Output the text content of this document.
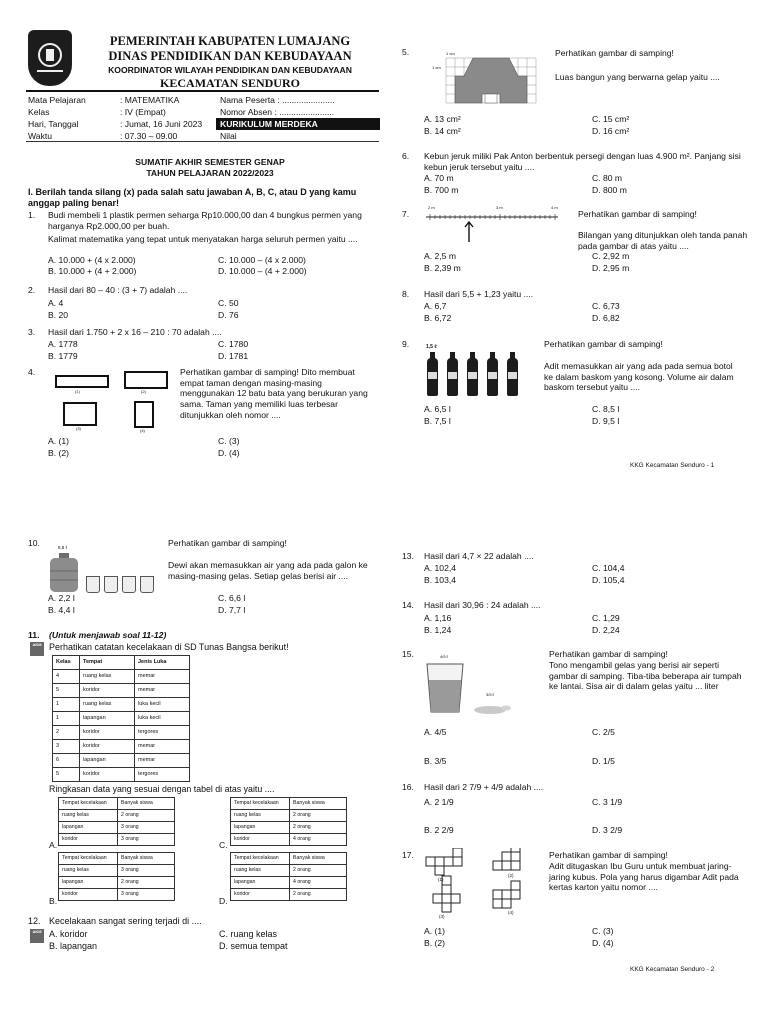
PEMERINTAH KABUPATEN LUMAJANG
DINAS PENDIDIKAN DAN KEBUDAYAAN
KOORDINATOR WILAYAH PENDIDIKAN DAN KEBUDAYAAN
KECAMATAN SENDURO
Mata Pelajaran	: MATEMATIKA
Kelas	: IV (Empat)
Hari, Tanggal	: Jumat, 16 Juni 2023
Waktu	: 07.30 – 09.00
Nama Peserta : ......................
Nomor Absen : .......................
KURIKULUM MERDEKA
Nilai
SUMATIF AKHIR SEMESTER GENAP
TAHUN PELAJARAN 2022/2023
I. Berilah tanda silang (x) pada salah satu jawaban A, B, C, atau D yang kamu anggap paling benar!
1. Budi membeli 1 plastik permen seharga Rp10.000,00 dan 4 bungkus permen yang harganya Rp2.000,00 per buah.
Kalimat matematika yang tepat untuk menyatakan harga seluruh permen yaitu ....
A. 10.000 + (4 x 2.000)
B. 10.000 + (4 + 2.000)
C. 10.000 – (4 x 2.000)
D. 10.000 – (4 + 2.000)
2. Hasil dari 80 – 40 : (3 + 7) adalah ....
A. 4
B. 20
C. 50
D. 76
3. Hasil dari 1.750 + 2 x 16 – 210 : 70 adalah ....
A. 1778
B. 1779
C. 1780
D. 1781
4.
(1)	(2)
(3)	(4)
Perhatikan gambar di samping! Dito membuat empat taman dengan masing-masing menggunakan 12 batu bata yang berukuran yang sama. Taman yang memiliki luas terbesar ditunjukkan oleh nomor ....
A. (1)
B. (2)
C. (3)
D. (4)
5.	1 cm
1 cm
Perhatikan gambar di samping!
Luas bangun yang berwarna gelap yaitu ....
A. 13 cm²
B. 14 cm²
C. 15 cm²
D. 16 cm²
6. Kebun jeruk miliki Pak Anton berbentuk persegi dengan luas 4.900 m². Panjang sisi kebun jeruk tersebut yaitu ....
A. 70 m
B. 700 m
C. 80 m
D. 800 m
7.
2 m	3 m	4 m
Perhatikan gambar di samping!
Bilangan yang ditunjukkan oleh tanda panah pada gambar di atas yaitu ....
A. 2,5 m
B. 2,39 m
C. 2,92 m
D. 2,95 m
8. Hasil dari 5,5 + 1,23 yaitu ....
A. 6,7
B. 6,72
C. 6,73
D. 6,82
9.	1,5 ℓ	Perhatikan gambar di samping!
Adit memasukkan air yang ada pada semua botol ke dalam baskom yang kosong. Volume air dalam baskom tersebut yaitu ....
A. 6,5 l
B. 7,5 l
C. 8,5 l
D. 9,5 l
KKG Kecamatan Senduro - 1
10.	8,8 ℓ	Perhatikan gambar di samping!
Dewi akan memasukkan air yang ada pada galon ke masing-masing gelas. Setiap gelas berisi air ....
A. 2,2 l
B. 4,4 l
C. 6,6 l
D. 7,7 l
11. (Untuk menjawab soal 11-12)
AKM Perhatikan catatan kecelakaan di SD Tunas Bangsa berikut!
Kelas	Tempat	Jenis Luka
4	ruang kelas	memar
5	koridor	memar
1	ruang kelas	luka kecil
1	lapangan	luka kecil
2	koridor	tergores
3	koridor	memar
6	lapangan	memar
5	koridor	tergores
Ringkasan data yang sesuai dengan tabel di atas yaitu ....
A.
Tempat kecelakaan	Banyak siswa
ruang kelas	2 orang
lapangan	3 orang
koridor	3 orang
C.
Tempat kecelakaan	Banyak siswa
ruang kelas	2 orang
lapangan	2 orang
koridor	4 orang
B.
Tempat kecelakaan	Banyak siswa
ruang kelas	3 orang
lapangan	2 orang
koridor	3 orang
D.
Tempat kecelakaan	Banyak siswa
ruang kelas	2 orang
lapangan	4 orang
koridor	2 orang
12. Kecelakaan sangat sering terjadi di ....
AKM A. koridor
B. lapangan
C. ruang kelas
D. semua tempat
13. Hasil dari 4,7 × 22 adalah ....
A. 102,4
B. 103,4
C. 104,4
D. 105,4
14. Hasil dari 30,96 : 24 adalah ....
A. 1,16
B. 1,24
C. 1,29
D. 2,24
15.	4/5 ℓ
3/5 ℓ
Perhatikan gambar di samping!
Tono mengambil gelas yang berisi air seperti gambar di samping. Tiba-tiba beberapa air tumpah ke lantai. Sisa air di dalam gelas yaitu ... liter
A. 4/5
B. 3/5
C. 2/5
D. 1/5
16. Hasil dari 2 7/9 + 4/9 adalah ....
A. 2 1/9
B. 2 2/9
C. 3 1/9
D. 3 2/9
17.
(1)
(2)
(3)
(4)
Perhatikan gambar di samping!
Adit ditugaskan Ibu Guru untuk membuat jaring-jaring kubus. Pola yang harus digambar Adit pada kertas karton yaitu nomor ....
A. (1)
B. (2)
C. (3)
D. (4)
KKG Kecamatan Senduro - 2
